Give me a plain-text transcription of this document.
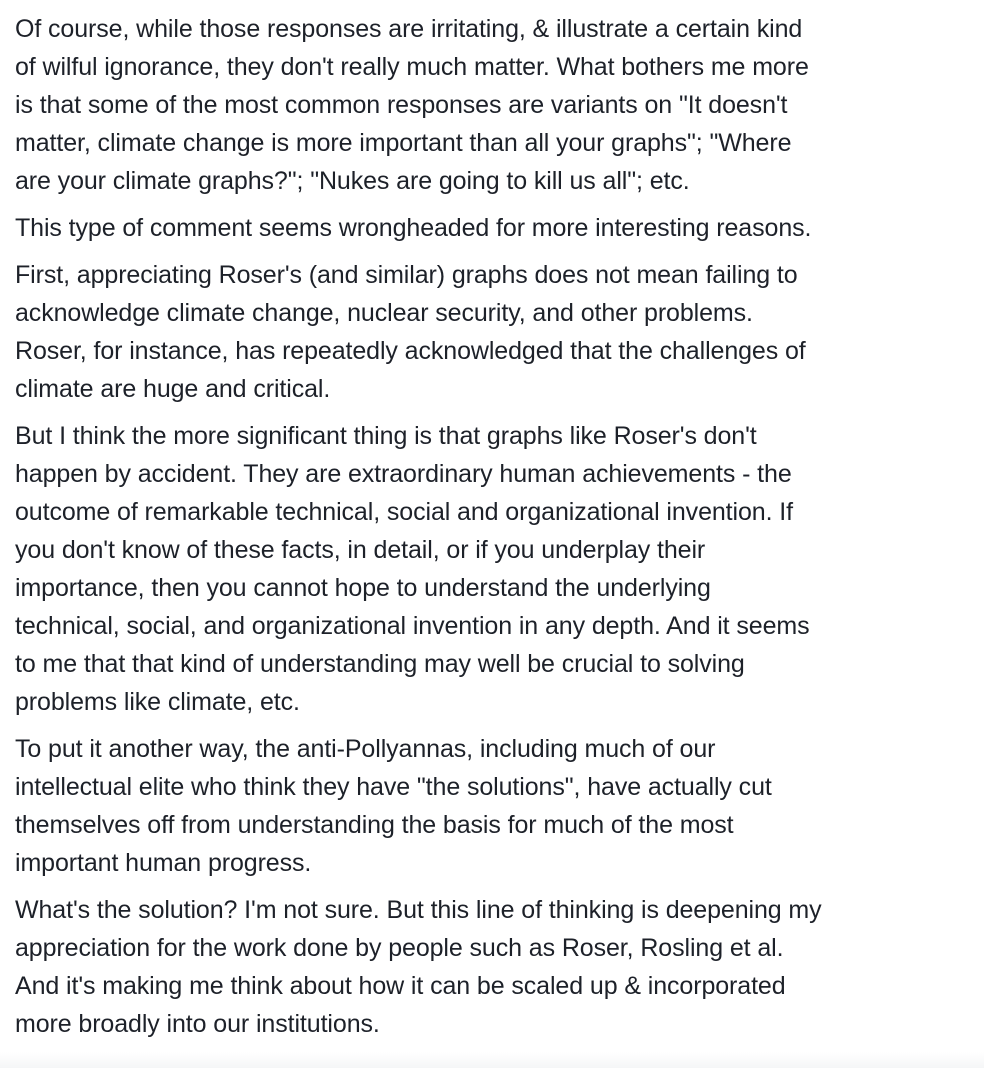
Of course, while those responses are irritating, & illustrate a certain kind
of wilful ignorance, they don't really much matter. What bothers me more
is that some of the most common responses are variants on "It doesn't
matter, climate change is more important than all your graphs"; "Where
are your climate graphs?"; "Nukes are going to kill us all"; etc.

This type of comment seems wrongheaded for more interesting reasons.

First, appreciating Roser's (and similar) graphs does not mean failing to
acknowledge climate change, nuclear security, and other problems.
Roser, for instance, has repeatedly acknowledged that the challenges of
climate are huge and critical.

But I think the more significant thing is that graphs like Roser's don't
happen by accident. They are extraordinary human achievements - the
outcome of remarkable technical, social and organizational invention. If
you don't know of these facts, in detail, or if you underplay their
importance, then you cannot hope to understand the underlying
technical, social, and organizational invention in any depth. And it seems
to me that that kind of understanding may well be crucial to solving
problems like climate, etc.

To put it another way, the anti-Pollyannas, including much of our
intellectual elite who think they have "the solutions", have actually cut
themselves off from understanding the basis for much of the most
important human progress.

What's the solution? I'm not sure. But this line of thinking is deepening my
appreciation for the work done by people such as Roser, Rosling et al.
And it's making me think about how it can be scaled up & incorporated
more broadly into our institutions.
